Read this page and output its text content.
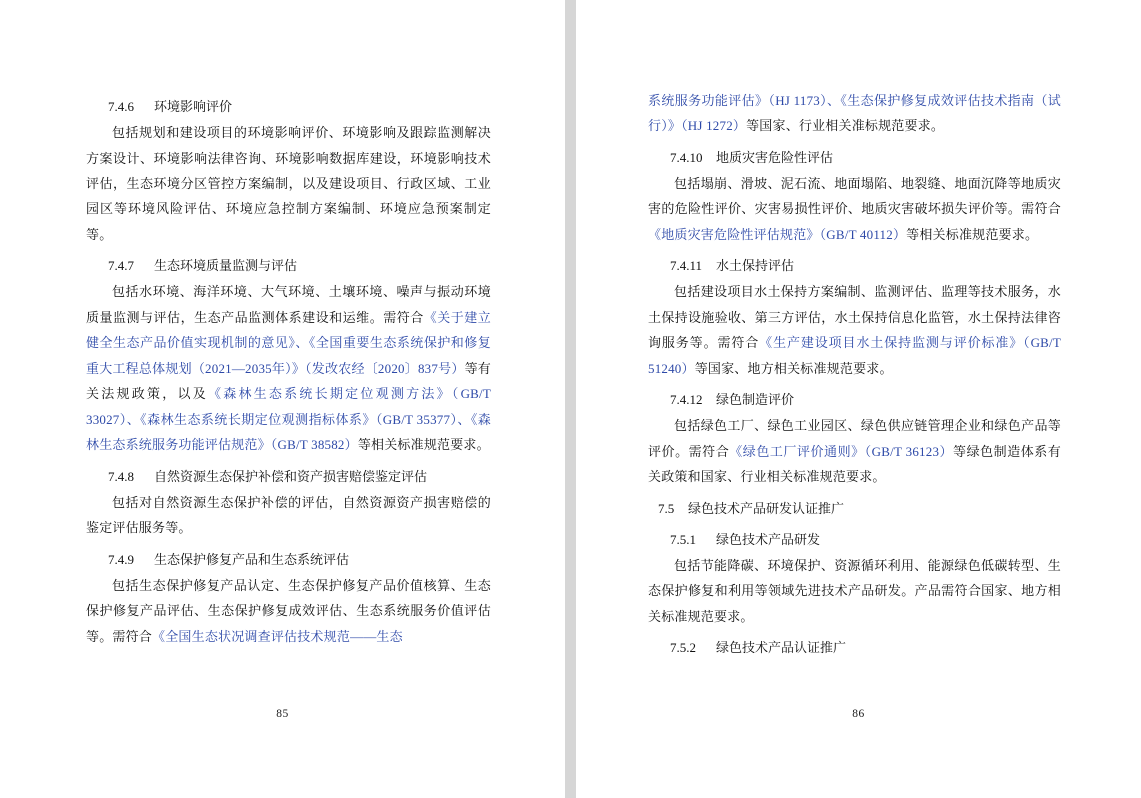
7.4.6 环境影响评价

包括规划和建设项目的环境影响评价、环境影响及跟踪监测解决方案设计、环境影响法律咨询、环境影响数据库建设，环境影响技术评估，生态环境分区管控方案编制，以及建设项目、行政区域、工业园区等环境风险评估、环境应急控制方案编制、环境应急预案制定等。

7.4.7 生态环境质量监测与评估

包括水环境、海洋环境、大气环境、土壤环境、噪声与振动环境质量监测与评估，生态产品监测体系建设和运维。需符合《关于建立健全生态产品价值实现机制的意见》、《全国重要生态系统保护和修复重大工程总体规划（2021—2035年）》（发改农经〔2020〕837号）等有关法规政策，以及《森林生态系统长期定位观测方法》（GB/T 33027）、《森林生态系统长期定位观测指标体系》（GB/T 35377）、《森林生态系统服务功能评估规范》（GB/T 38582）等相关标准规范要求。

7.4.8 自然资源生态保护补偿和资产损害赔偿鉴定评估

包括对自然资源生态保护补偿的评估，自然资源资产损害赔偿的鉴定评估服务等。

7.4.9 生态保护修复产品和生态系统评估

包括生态保护修复产品认定、生态保护修复产品价值核算、生态保护修复产品评估、生态保护修复成效评估、生态系统服务价值评估等。需符合《全国生态状况调查评估技术规范——生态

85

系统服务功能评估》（HJ 1173）、《生态保护修复成效评估技术指南（试行）》（HJ 1272）等国家、行业相关准标规范要求。

7.4.10 地质灾害危险性评估

包括塌崩、滑坡、泥石流、地面塌陷、地裂缝、地面沉降等地质灾害的危险性评价、灾害易损性评价、地质灾害破坏损失评价等。需符合《地质灾害危险性评估规范》（GB/T 40112）等相关标准规范要求。

7.4.11 水土保持评估

包括建设项目水土保持方案编制、监测评估、监理等技术服务，水土保持设施验收、第三方评估，水土保持信息化监管，水土保持法律咨询服务等。需符合《生产建设项目水土保持监测与评价标准》（GB/T 51240）等国家、地方相关标准规范要求。

7.4.12 绿色制造评价

包括绿色工厂、绿色工业园区、绿色供应链管理企业和绿色产品等评价。需符合《绿色工厂评价通则》（GB/T 36123）等绿色制造体系有关政策和国家、行业相关标准规范要求。

7.5 绿色技术产品研发认证推广
7.5.1 绿色技术产品研发

包括节能降碳、环境保护、资源循环利用、能源绿色低碳转型、生态保护修复和利用等领域先进技术产品研发。产品需符合国家、地方相关标准规范要求。

7.5.2 绿色技术产品认证推广
86
